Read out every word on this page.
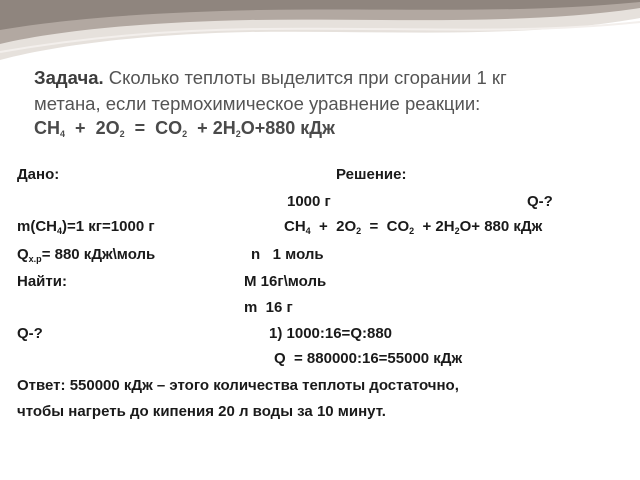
Задача. Сколько теплоты выделится при сгорании 1 кг
метана, если термохимическое уравнение реакции:
$CH_4 + 2O_2 = CO_2 + 2H_2O+880$ кДж
Дано:
$m(CH_4)=1$ кг=1000 г
$Q_{х.р}= 880$ кДж\моль
Найти:
Q-?
Решение:
1000 г	Q-?
$CH_4 + 2O_2 = CO_2 + 2H_2O+ 880$ кДж
n   1 моль
M 16г\моль
m  16 г
1) 1000:16=Q:880
Q  = 880000:16=55000 кДж
Ответ: 550000 кДж – этого количества теплоты достаточно,
чтобы нагреть до кипения 20 л воды за 10 минут.
